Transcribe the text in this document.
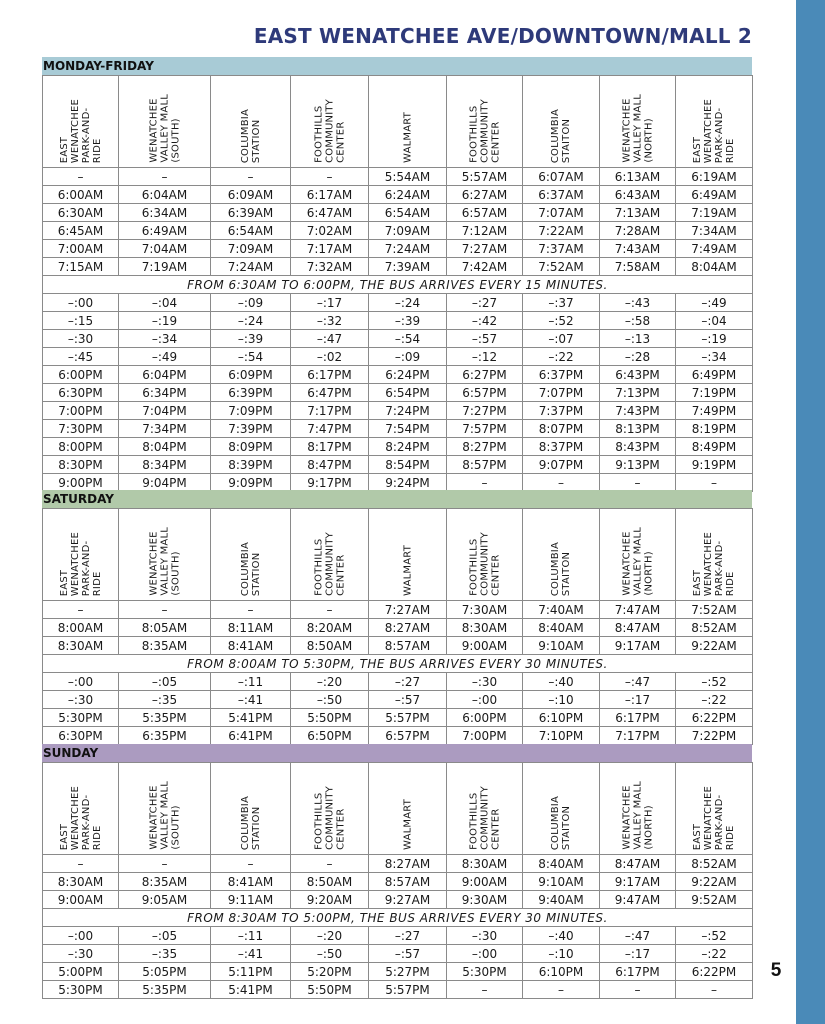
EAST WENATCHEE AVE/DOWNTOWN/MALL 2
MONDAY-FRIDAY
EAST
WENATCHEE
PARK-AND-
RIDE	WENATCHEE
VALLEY MALL
(SOUTH)	COLUMBIA
STATION	FOOTHILLS
COMMUNITY
CENTER	WALMART	FOOTHILLS
COMMUNITY
CENTER	COLUMBIA
STAITON	WENATCHEE
VALLEY MALL
(NORTH)	EAST
WENATCHEE
PARK-AND-
RIDE

–	–	–	–	5:54AM	5:57AM	6:07AM	6:13AM	6:19AM
6:00AM	6:04AM	6:09AM	6:17AM	6:24AM	6:27AM	6:37AM	6:43AM	6:49AM
6:30AM	6:34AM	6:39AM	6:47AM	6:54AM	6:57AM	7:07AM	7:13AM	7:19AM
6:45AM	6:49AM	6:54AM	7:02AM	7:09AM	7:12AM	7:22AM	7:28AM	7:34AM
7:00AM	7:04AM	7:09AM	7:17AM	7:24AM	7:27AM	7:37AM	7:43AM	7:49AM
7:15AM	7:19AM	7:24AM	7:32AM	7:39AM	7:42AM	7:52AM	7:58AM	8:04AM
FROM 6:30AM TO 6:00PM, THE BUS ARRIVES EVERY 15 MINUTES.								
–:00	–:04	–:09	–:17	–:24	–:27	–:37	–:43	–:49
–:15	–:19	–:24	–:32	–:39	–:42	–:52	–:58	–:04
–:30	–:34	–:39	–:47	–:54	–:57	–:07	–:13	–:19
–:45	–:49	–:54	–:02	–:09	–:12	–:22	–:28	–:34
6:00PM	6:04PM	6:09PM	6:17PM	6:24PM	6:27PM	6:37PM	6:43PM	6:49PM
6:30PM	6:34PM	6:39PM	6:47PM	6:54PM	6:57PM	7:07PM	7:13PM	7:19PM
7:00PM	7:04PM	7:09PM	7:17PM	7:24PM	7:27PM	7:37PM	7:43PM	7:49PM
7:30PM	7:34PM	7:39PM	7:47PM	7:54PM	7:57PM	8:07PM	8:13PM	8:19PM
8:00PM	8:04PM	8:09PM	8:17PM	8:24PM	8:27PM	8:37PM	8:43PM	8:49PM
8:30PM	8:34PM	8:39PM	8:47PM	8:54PM	8:57PM	9:07PM	9:13PM	9:19PM
9:00PM	9:04PM	9:09PM	9:17PM	9:24PM	–	–	–	–
SATURDAY
EAST
WENATCHEE
PARK-AND-
RIDE	WENATCHEE
VALLEY MALL
(SOUTH)	COLUMBIA
STATION	FOOTHILLS
COMMUNITY
CENTER	WALMART	FOOTHILLS
COMMUNITY
CENTER	COLUMBIA
STAITON	WENATCHEE
VALLEY MALL
(NORTH)	EAST
WENATCHEE
PARK-AND-
RIDE

–	–	–	–	7:27AM	7:30AM	7:40AM	7:47AM	7:52AM
8:00AM	8:05AM	8:11AM	8:20AM	8:27AM	8:30AM	8:40AM	8:47AM	8:52AM
8:30AM	8:35AM	8:41AM	8:50AM	8:57AM	9:00AM	9:10AM	9:17AM	9:22AM
FROM 8:00AM TO 5:30PM, THE BUS ARRIVES EVERY 30 MINUTES.								
–:00	–:05	–:11	–:20	–:27	–:30	–:40	–:47	–:52
–:30	–:35	–:41	–:50	–:57	–:00	–:10	–:17	–:22
5:30PM	5:35PM	5:41PM	5:50PM	5:57PM	6:00PM	6:10PM	6:17PM	6:22PM
6:30PM	6:35PM	6:41PM	6:50PM	6:57PM	7:00PM	7:10PM	7:17PM	7:22PM
SUNDAY
EAST
WENATCHEE
PARK-AND-
RIDE	WENATCHEE
VALLEY MALL
(SOUTH)	COLUMBIA
STATION	FOOTHILLS
COMMUNITY
CENTER	WALMART	FOOTHILLS
COMMUNITY
CENTER	COLUMBIA
STAITON	WENATCHEE
VALLEY MALL
(NORTH)	EAST
WENATCHEE
PARK-AND-
RIDE

–	–	–	–	8:27AM	8:30AM	8:40AM	8:47AM	8:52AM
8:30AM	8:35AM	8:41AM	8:50AM	8:57AM	9:00AM	9:10AM	9:17AM	9:22AM
9:00AM	9:05AM	9:11AM	9:20AM	9:27AM	9:30AM	9:40AM	9:47AM	9:52AM
FROM 8:30AM TO 5:00PM, THE BUS ARRIVES EVERY 30 MINUTES.								
–:00	–:05	–:11	–:20	–:27	–:30	–:40	–:47	–:52
–:30	–:35	–:41	–:50	–:57	–:00	–:10	–:17	–:22
5:00PM	5:05PM	5:11PM	5:20PM	5:27PM	5:30PM	6:10PM	6:17PM	6:22PM
5:30PM	5:35PM	5:41PM	5:50PM	5:57PM	–	–	–	–
5
